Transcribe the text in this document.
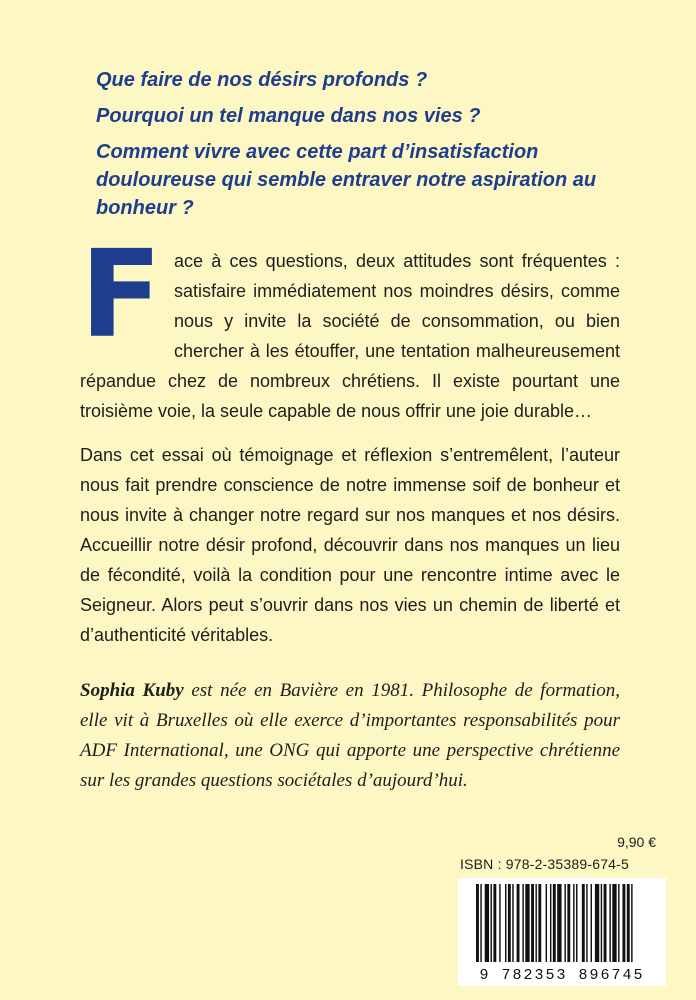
Que faire de nos désirs profonds ?
Pourquoi un tel manque dans nos vies ?
Comment vivre avec cette part d’insatisfaction douloureuse qui semble entraver notre aspiration au bonheur ?

Face à ces questions, deux attitudes sont fréquentes : satisfaire immédiatement nos moindres désirs, comme nous y invite la société de consommation, ou bien chercher à les étouffer, une tentation malheureusement répandue chez de nombreux chrétiens. Il existe pourtant une troisième voie, la seule capable de nous offrir une joie durable…

Dans cet essai où témoignage et réflexion s’entremêlent, l’auteur nous fait prendre conscience de notre immense soif de bonheur et nous invite à changer notre regard sur nos manques et nos désirs. Accueillir notre désir profond, découvrir dans nos manques un lieu de fécondité, voilà la condition pour une rencontre intime avec le Seigneur. Alors peut s’ouvrir dans nos vies un chemin de liberté et d’authenticité véritables.

Sophia Kuby est née en Bavière en 1981. Philosophe de formation, elle vit à Bruxelles où elle exerce d’importantes responsabilités pour ADF International, une ONG qui apporte une perspective chrétienne sur les grandes questions sociétales d’aujourd’hui.

9,90 €
ISBN : 978-2-35389-674-5
9 782353 896745
